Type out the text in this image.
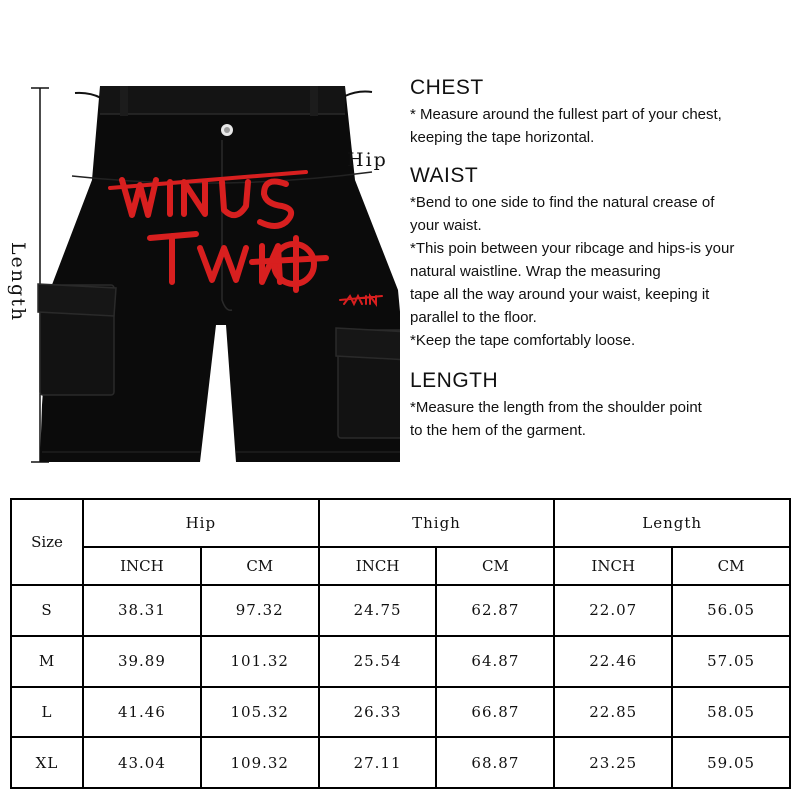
Length
Hip
CHEST
* Measure around the fullest part of your chest,
keeping the tape horizontal.
WAIST
*Bend to one side to find the natural crease of
your waist.
*This poin between your ribcage and hips-is your
natural waistline. Wrap the measuring
tape all the way around your waist, keeping it
parallel to the floor.
*Keep the tape comfortably loose.
LENGTH
*Measure the length from the shoulder point
to the hem of the garment.
Size	Hip		Thigh		Length	
	INCH	CM	INCH	CM	INCH	CM
S	38.31	97.32	24.75	62.87	22.07	56.05
M	39.89	101.32	25.54	64.87	22.46	57.05
L	41.46	105.32	26.33	66.87	22.85	58.05
XL	43.04	109.32	27.11	68.87	23.25	59.05
